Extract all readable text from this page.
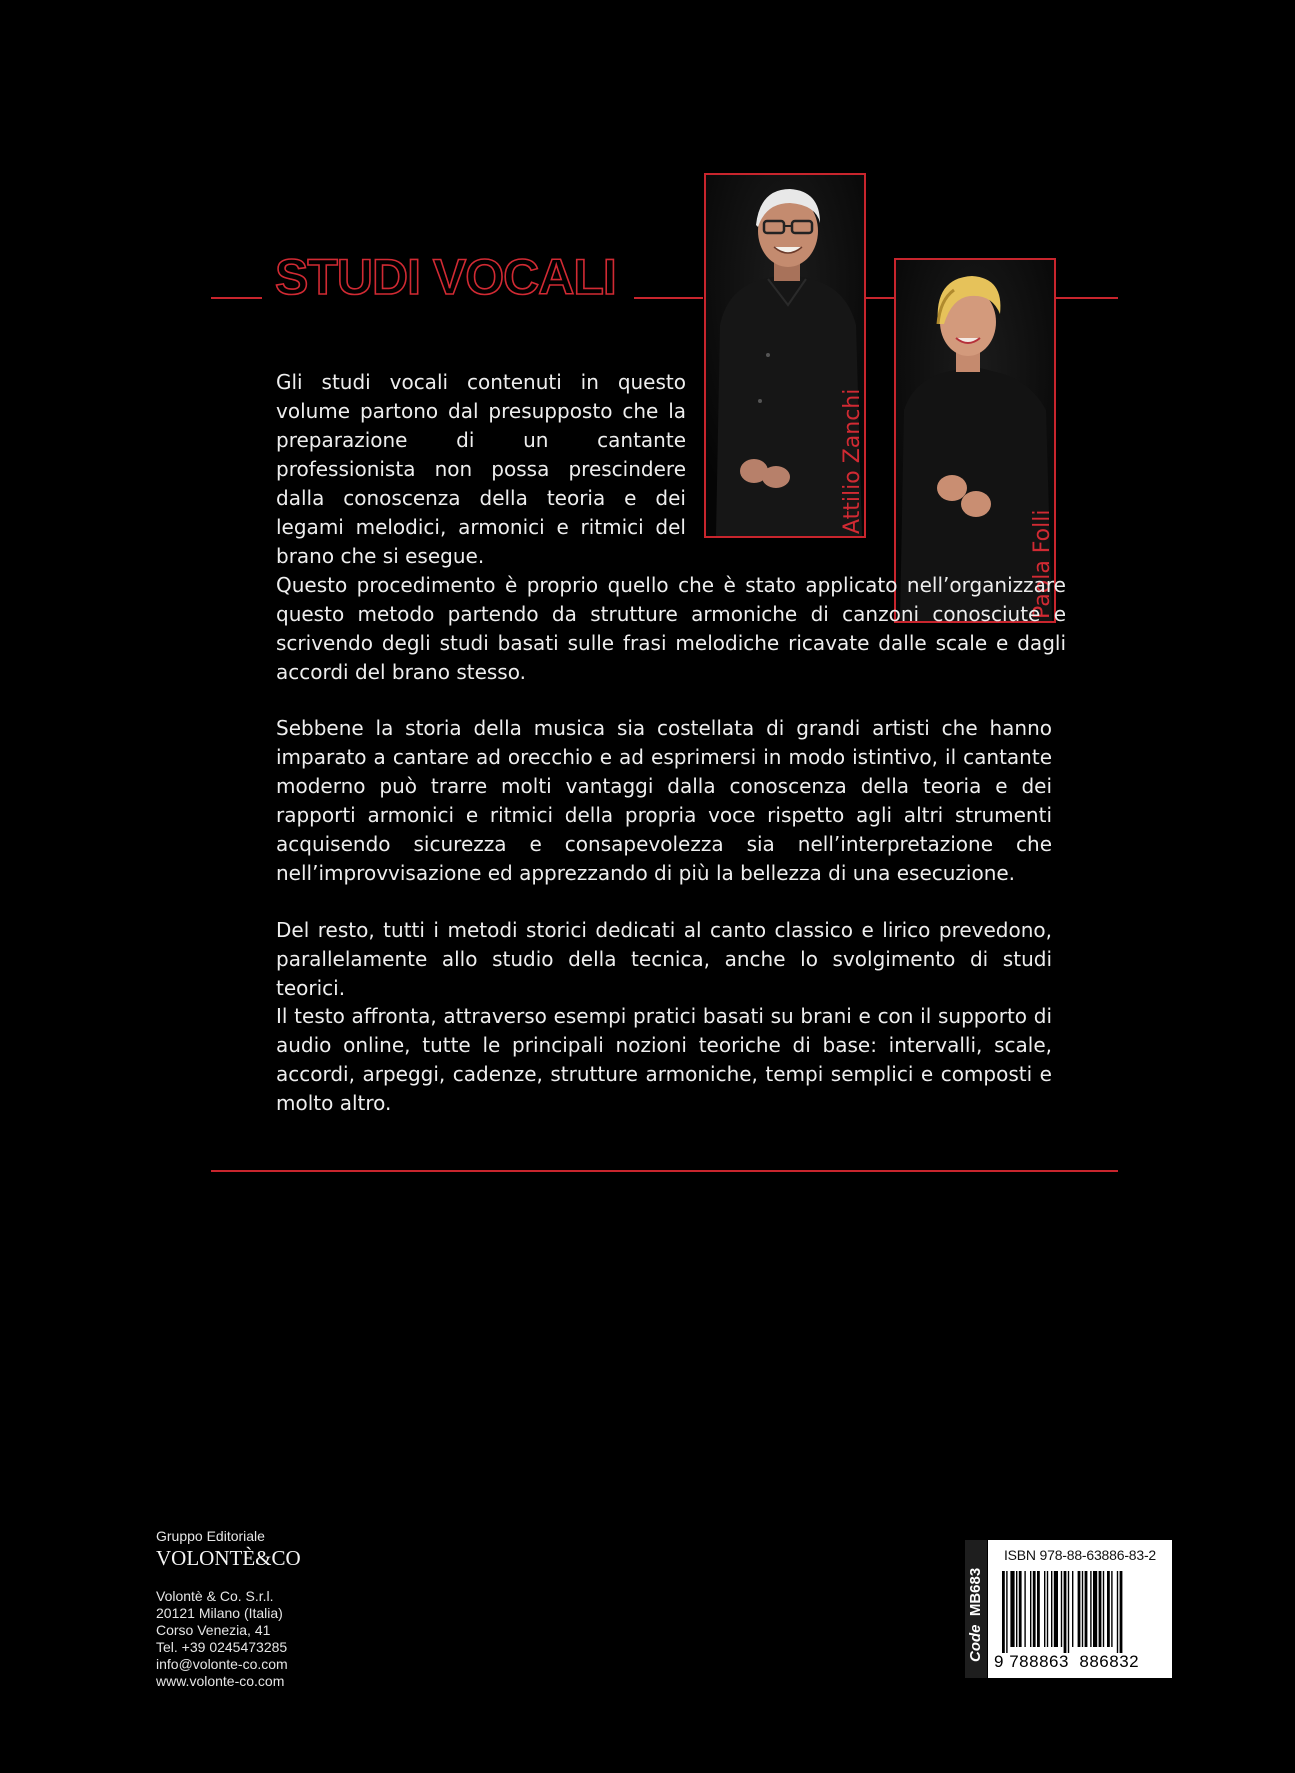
STUDI VOCALI
Attilio Zanchi
Paola Folli

Gli studi vocali contenuti in questo volume partono dal presupposto che la preparazione di un cantante professionista non possa prescindere dalla conoscenza della teoria e dei legami melodici, armonici e ritmici del brano che si esegue.

Questo procedimento è proprio quello che è stato applicato nell’organizzare questo metodo partendo da strutture armoniche di canzoni conosciute e scrivendo degli studi basati sulle frasi melodiche ricavate dalle scale e dagli accordi del brano stesso.

Sebbene la storia della musica sia costellata di grandi artisti che hanno imparato a cantare ad orecchio e ad esprimersi in modo istintivo, il cantante moderno può trarre molti vantaggi dalla conoscenza della teoria e dei rapporti armonici e ritmici della propria voce rispetto agli altri strumenti acquisendo sicurezza e consapevolezza sia nell’interpretazione che nell’improvvisazione ed apprezzando di più la bellezza di una esecuzione.

Del resto, tutti i metodi storici dedicati al canto classico e lirico prevedono, parallelamente allo studio della tecnica, anche lo svolgimento di studi teorici.

Il testo affronta, attraverso esempi pratici basati su brani e con il supporto di audio online, tutte le principali nozioni teoriche di base: intervalli, scale, accordi, arpeggi, cadenze, strutture armoniche, tempi semplici e composti e molto altro.

Gruppo Editoriale
VOLONTÈ&CO
Volontè & Co. S.r.l.
20121 Milano (Italia)
Corso Venezia, 41
Tel. +39 0245473285
info@volonte-co.com
www.volonte-co.com
Code  MB683
ISBN 978-88-63886-83-2
9 788863 886832
